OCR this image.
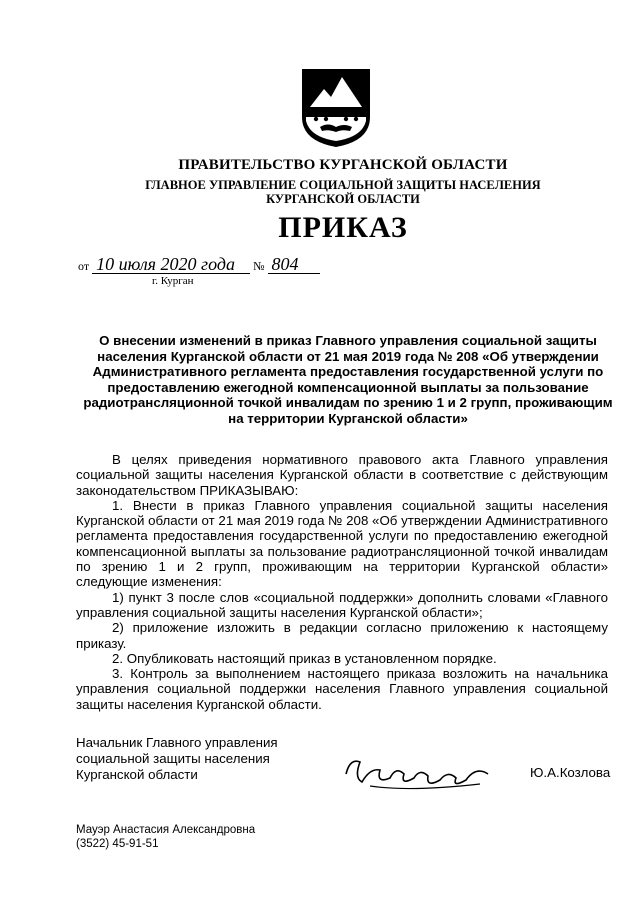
ПРАВИТЕЛЬСТВО КУРГАНСКОЙ ОБЛАСТИ
ГЛАВНОЕ УПРАВЛЕНИЕ СОЦИАЛЬНОЙ ЗАЩИТЫ НАСЕЛЕНИЯ
КУРГАНСКОЙ ОБЛАСТИ
ПРИКАЗ
от 10 июля 2020 года № 804
г. Курган
О внесении изменений в приказ Главного управления социальной защиты населения Курганской области от 21 мая 2019 года № 208 «Об утверждении Административного регламента предоставления государственной услуги по предоставлению ежегодной компенсационной выплаты за пользование радиотрансляционной точкой инвалидам по зрению 1 и 2 групп, проживающим на территории Курганской области»

В целях приведения нормативного правового акта Главного управления социальной защиты населения Курганской области в соответствие с действующим законодательством ПРИКАЗЫВАЮ:

1. Внести в приказ Главного управления социальной защиты населения Курганской области от 21 мая 2019 года № 208 «Об утверждении Административного регламента предоставления государственной услуги по предоставлению ежегодной компенсационной выплаты за пользование радиотрансляционной точкой инвалидам по зрению 1 и 2 групп, проживающим на территории Курганской области» следующие изменения:

1) пункт 3 после слов «социальной поддержки» дополнить словами «Главного управления социальной защиты населения Курганской области»;

2) приложение изложить в редакции согласно приложению к настоящему приказу.

2. Опубликовать настоящий приказ в установленном порядке.

3. Контроль за выполнением настоящего приказа возложить на начальника управления социальной поддержки населения Главного управления социальной защиты населения Курганской области.

Начальник Главного управления
социальной защиты населения
Курганской области	Ю.А.Козлова
Мауэр Анастасия Александровна
(3522) 45-91-51
